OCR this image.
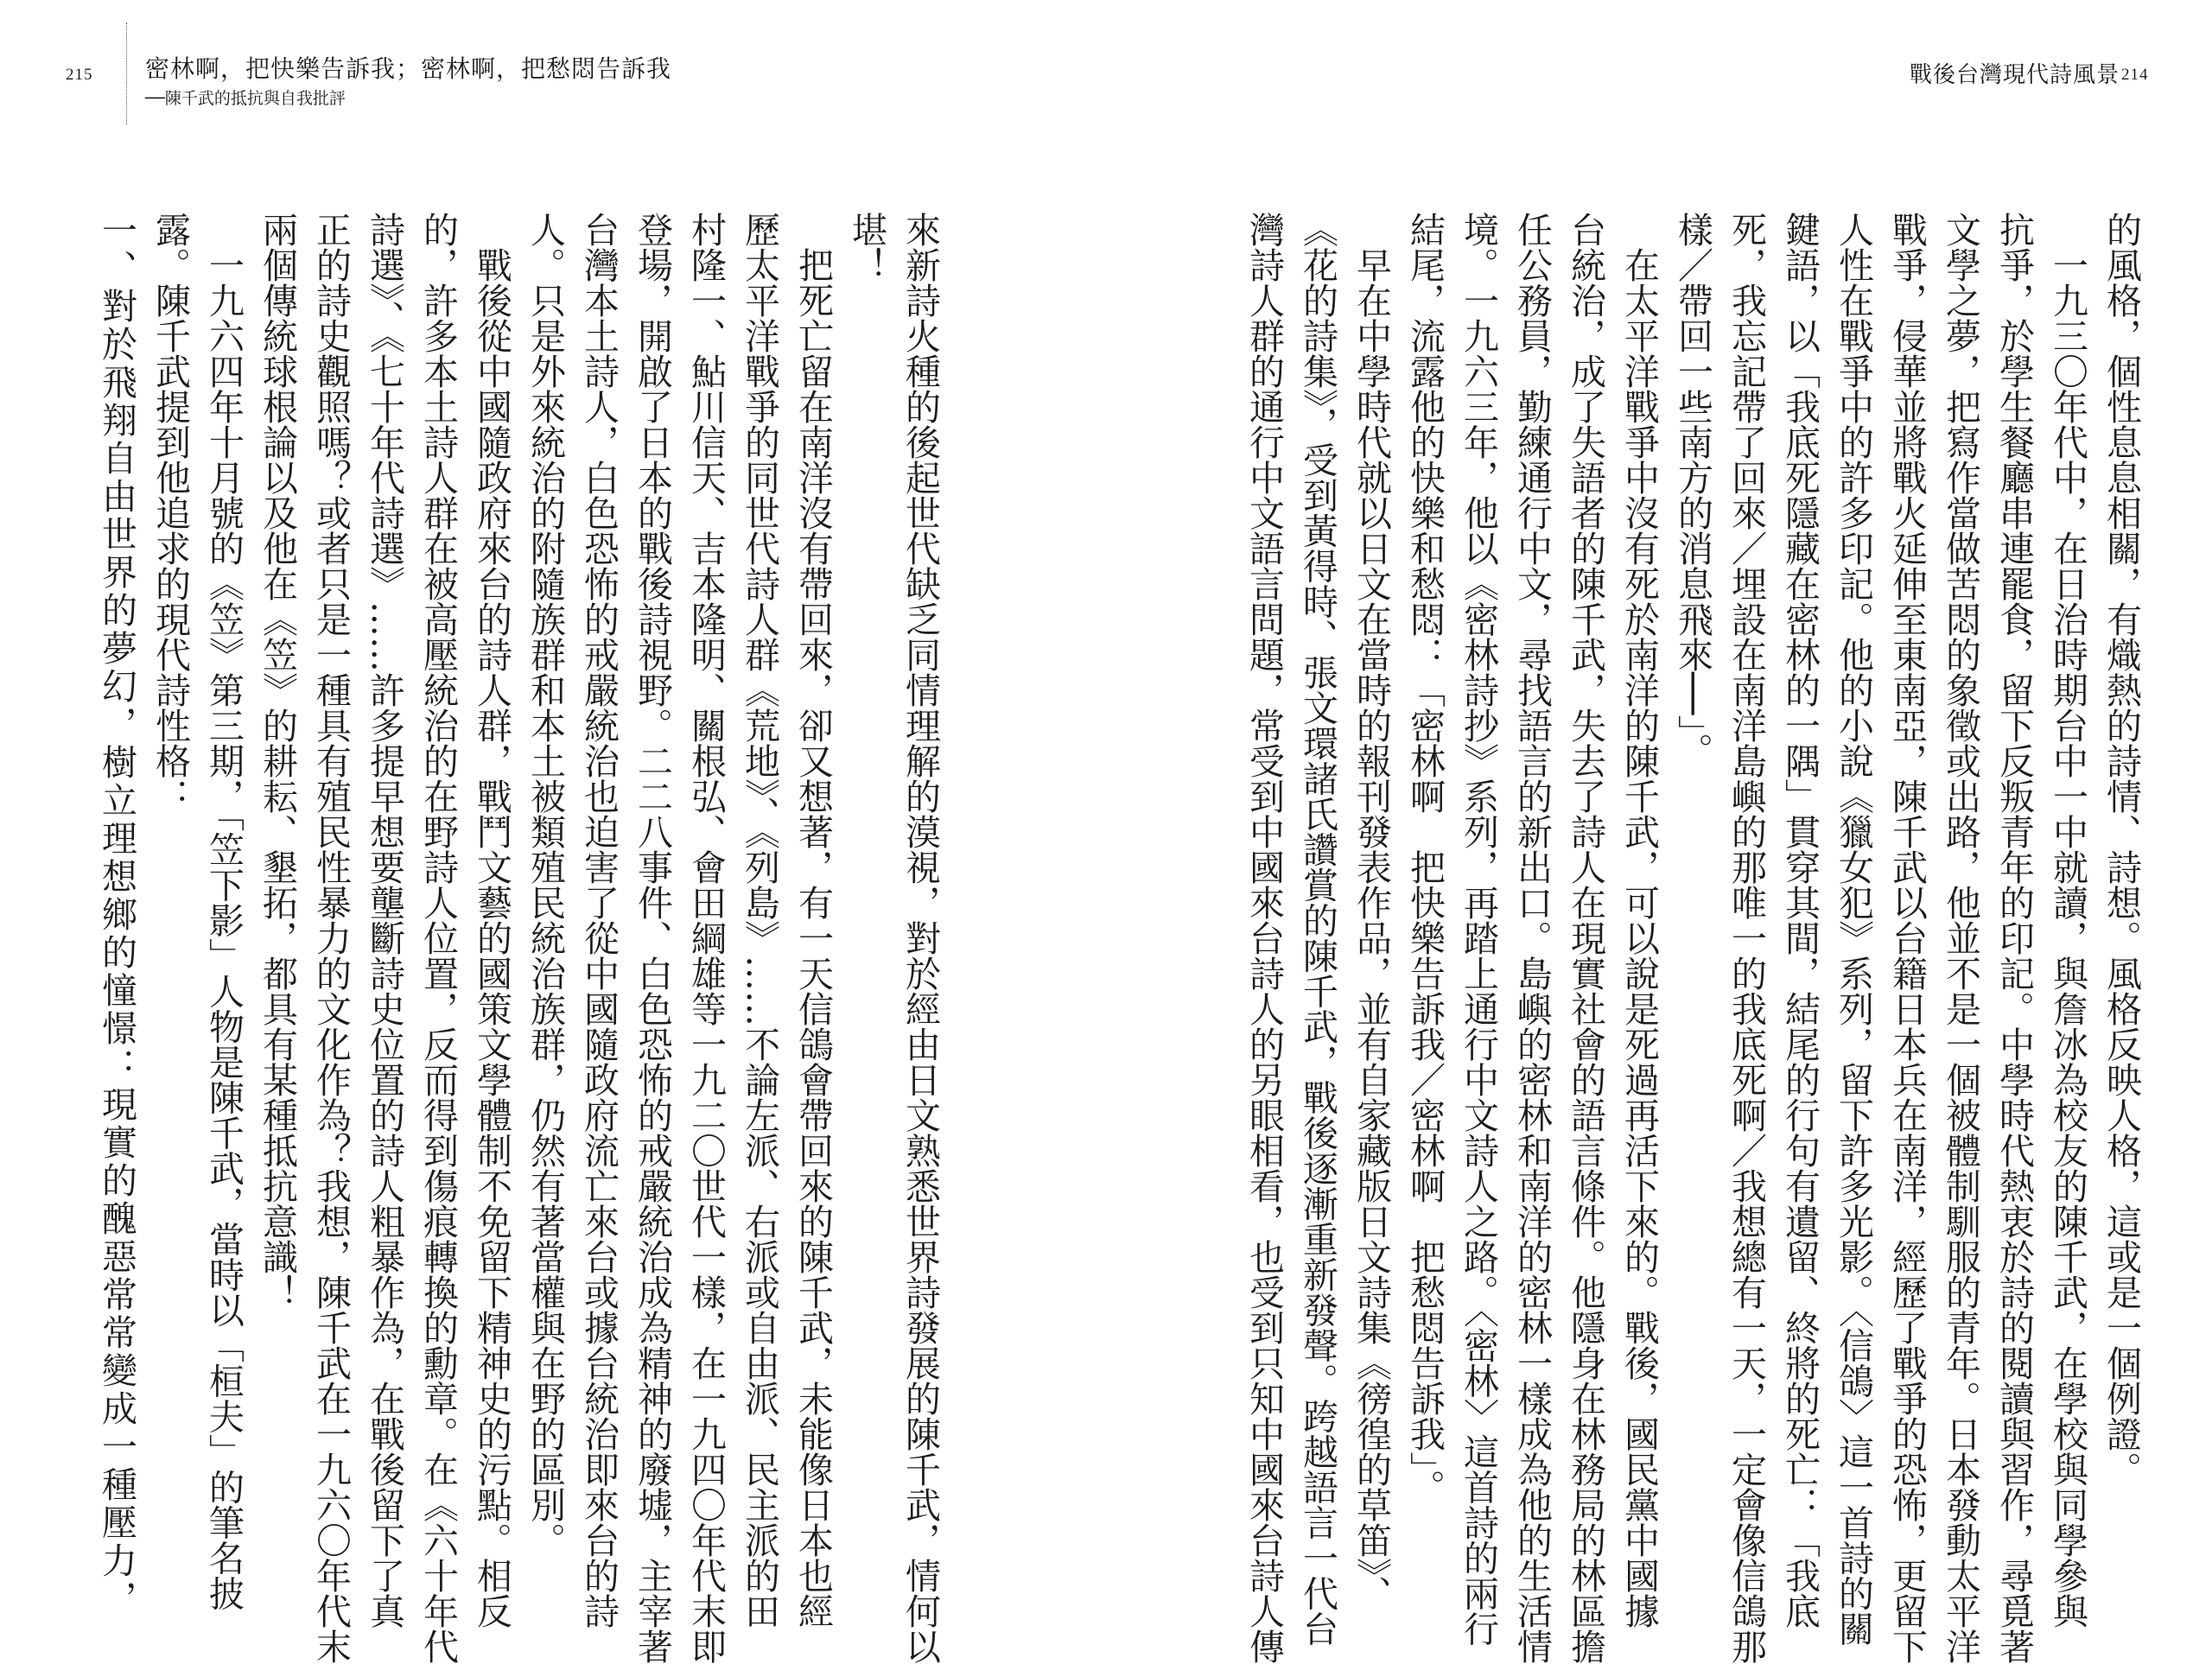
215 密林啊，把快樂告訴我；密林啊，把愁悶告訴我
──陳千武的抵抗與自我批評
戰後台灣現代詩風景 214
的風格，個性息息相關，有熾熱的詩情、詩想。風格反映人格，這或是一個例證。
　一九三〇年代中，在日治時期台中一中就讀，與詹冰為校友的陳千武，在學校與同學參與
抗爭，於學生餐廳串連罷食，留下反叛青年的印記。中學時代熱衷於詩的閱讀與習作，尋覓著
文學之夢，把寫作當做苦悶的象徵或出路，他並不是一個被體制馴服的青年。日本發動太平洋
戰爭，侵華並將戰火延伸至東南亞，陳千武以台籍日本兵在南洋，經歷了戰爭的恐怖，更留下
人性在戰爭中的許多印記。他的小說《獵女犯》系列，留下許多光影。〈信鴿〉這一首詩的關
鍵語，以「我底死隱藏在密林的一隅」貫穿其間，結尾的行句有遺留、終將的死亡：「我底
死，我忘記帶了回來／埋設在南洋島嶼的那唯一的我底死啊／我想總有一天，一定會像信鴿那
樣／帶回一些南方的消息飛來──」。
　在太平洋戰爭中沒有死於南洋的陳千武，可以說是死過再活下來的。戰後，國民黨中國據
台統治，成了失語者的陳千武，失去了詩人在現實社會的語言條件。他隱身在林務局的林區擔
任公務員，勤練通行中文，尋找語言的新出口。島嶼的密林和南洋的密林一樣成為他的生活情
境。一九六三年，他以《密林詩抄》系列，再踏上通行中文詩人之路。〈密林〉這首詩的兩行
結尾，流露他的快樂和愁悶：「密林啊　把快樂告訴我／密林啊　把愁悶告訴我」。
　早在中學時代就以日文在當時的報刊發表作品，並有自家藏版日文詩集《徬徨的草笛》、
《花的詩集》，受到黃得時、張文環諸氏讚賞的陳千武，戰後逐漸重新發聲。跨越語言一代台
灣詩人群的通行中文語言問題，常受到中國來台詩人的另眼相看，也受到只知中國來台詩人傳
來新詩火種的後起世代缺乏同情理解的漠視，對於經由日文熟悉世界詩發展的陳千武，情何以
堪！
　把死亡留在南洋沒有帶回來，卻又想著，有一天信鴿會帶回來的陳千武，未能像日本也經
歷太平洋戰爭的同世代詩人群《荒地》、《列島》……不論左派、右派或自由派、民主派的田
村隆一、鮎川信天、吉本隆明、關根弘、會田綱雄等一九二〇世代一樣，在一九四〇年代末即
登場，開啟了日本的戰後詩視野。二二八事件、白色恐怖的戒嚴統治成為精神的廢墟，主宰著
台灣本土詩人，白色恐怖的戒嚴統治也迫害了從中國隨政府流亡來台或據台統治即來台的詩
人。只是外來統治的附隨族群和本土被類殖民統治族群，仍然有著當權與在野的區別。
　戰後從中國隨政府來台的詩人群，戰鬥文藝的國策文學體制不免留下精神史的污點。相反
的，許多本土詩人群在被高壓統治的在野詩人位置，反而得到傷痕轉換的勳章。在《六十年代
詩選》、《七十年代詩選》……許多提早想要壟斷詩史位置的詩人粗暴作為，在戰後留下了真
正的詩史觀照嗎？或者只是一種具有殖民性暴力的文化作為？我想，陳千武在一九六〇年代末
兩個傳統球根論以及他在《笠》的耕耘、墾拓，都具有某種抵抗意識！
　一九六四年十月號的《笠》第三期，「笠下影」人物是陳千武，當時以「桓夫」的筆名披
露。陳千武提到他追求的現代詩性格：
一、對於飛翔自由世界的夢幻，樹立理想鄉的憧憬：現實的醜惡常常變成一種壓力，
